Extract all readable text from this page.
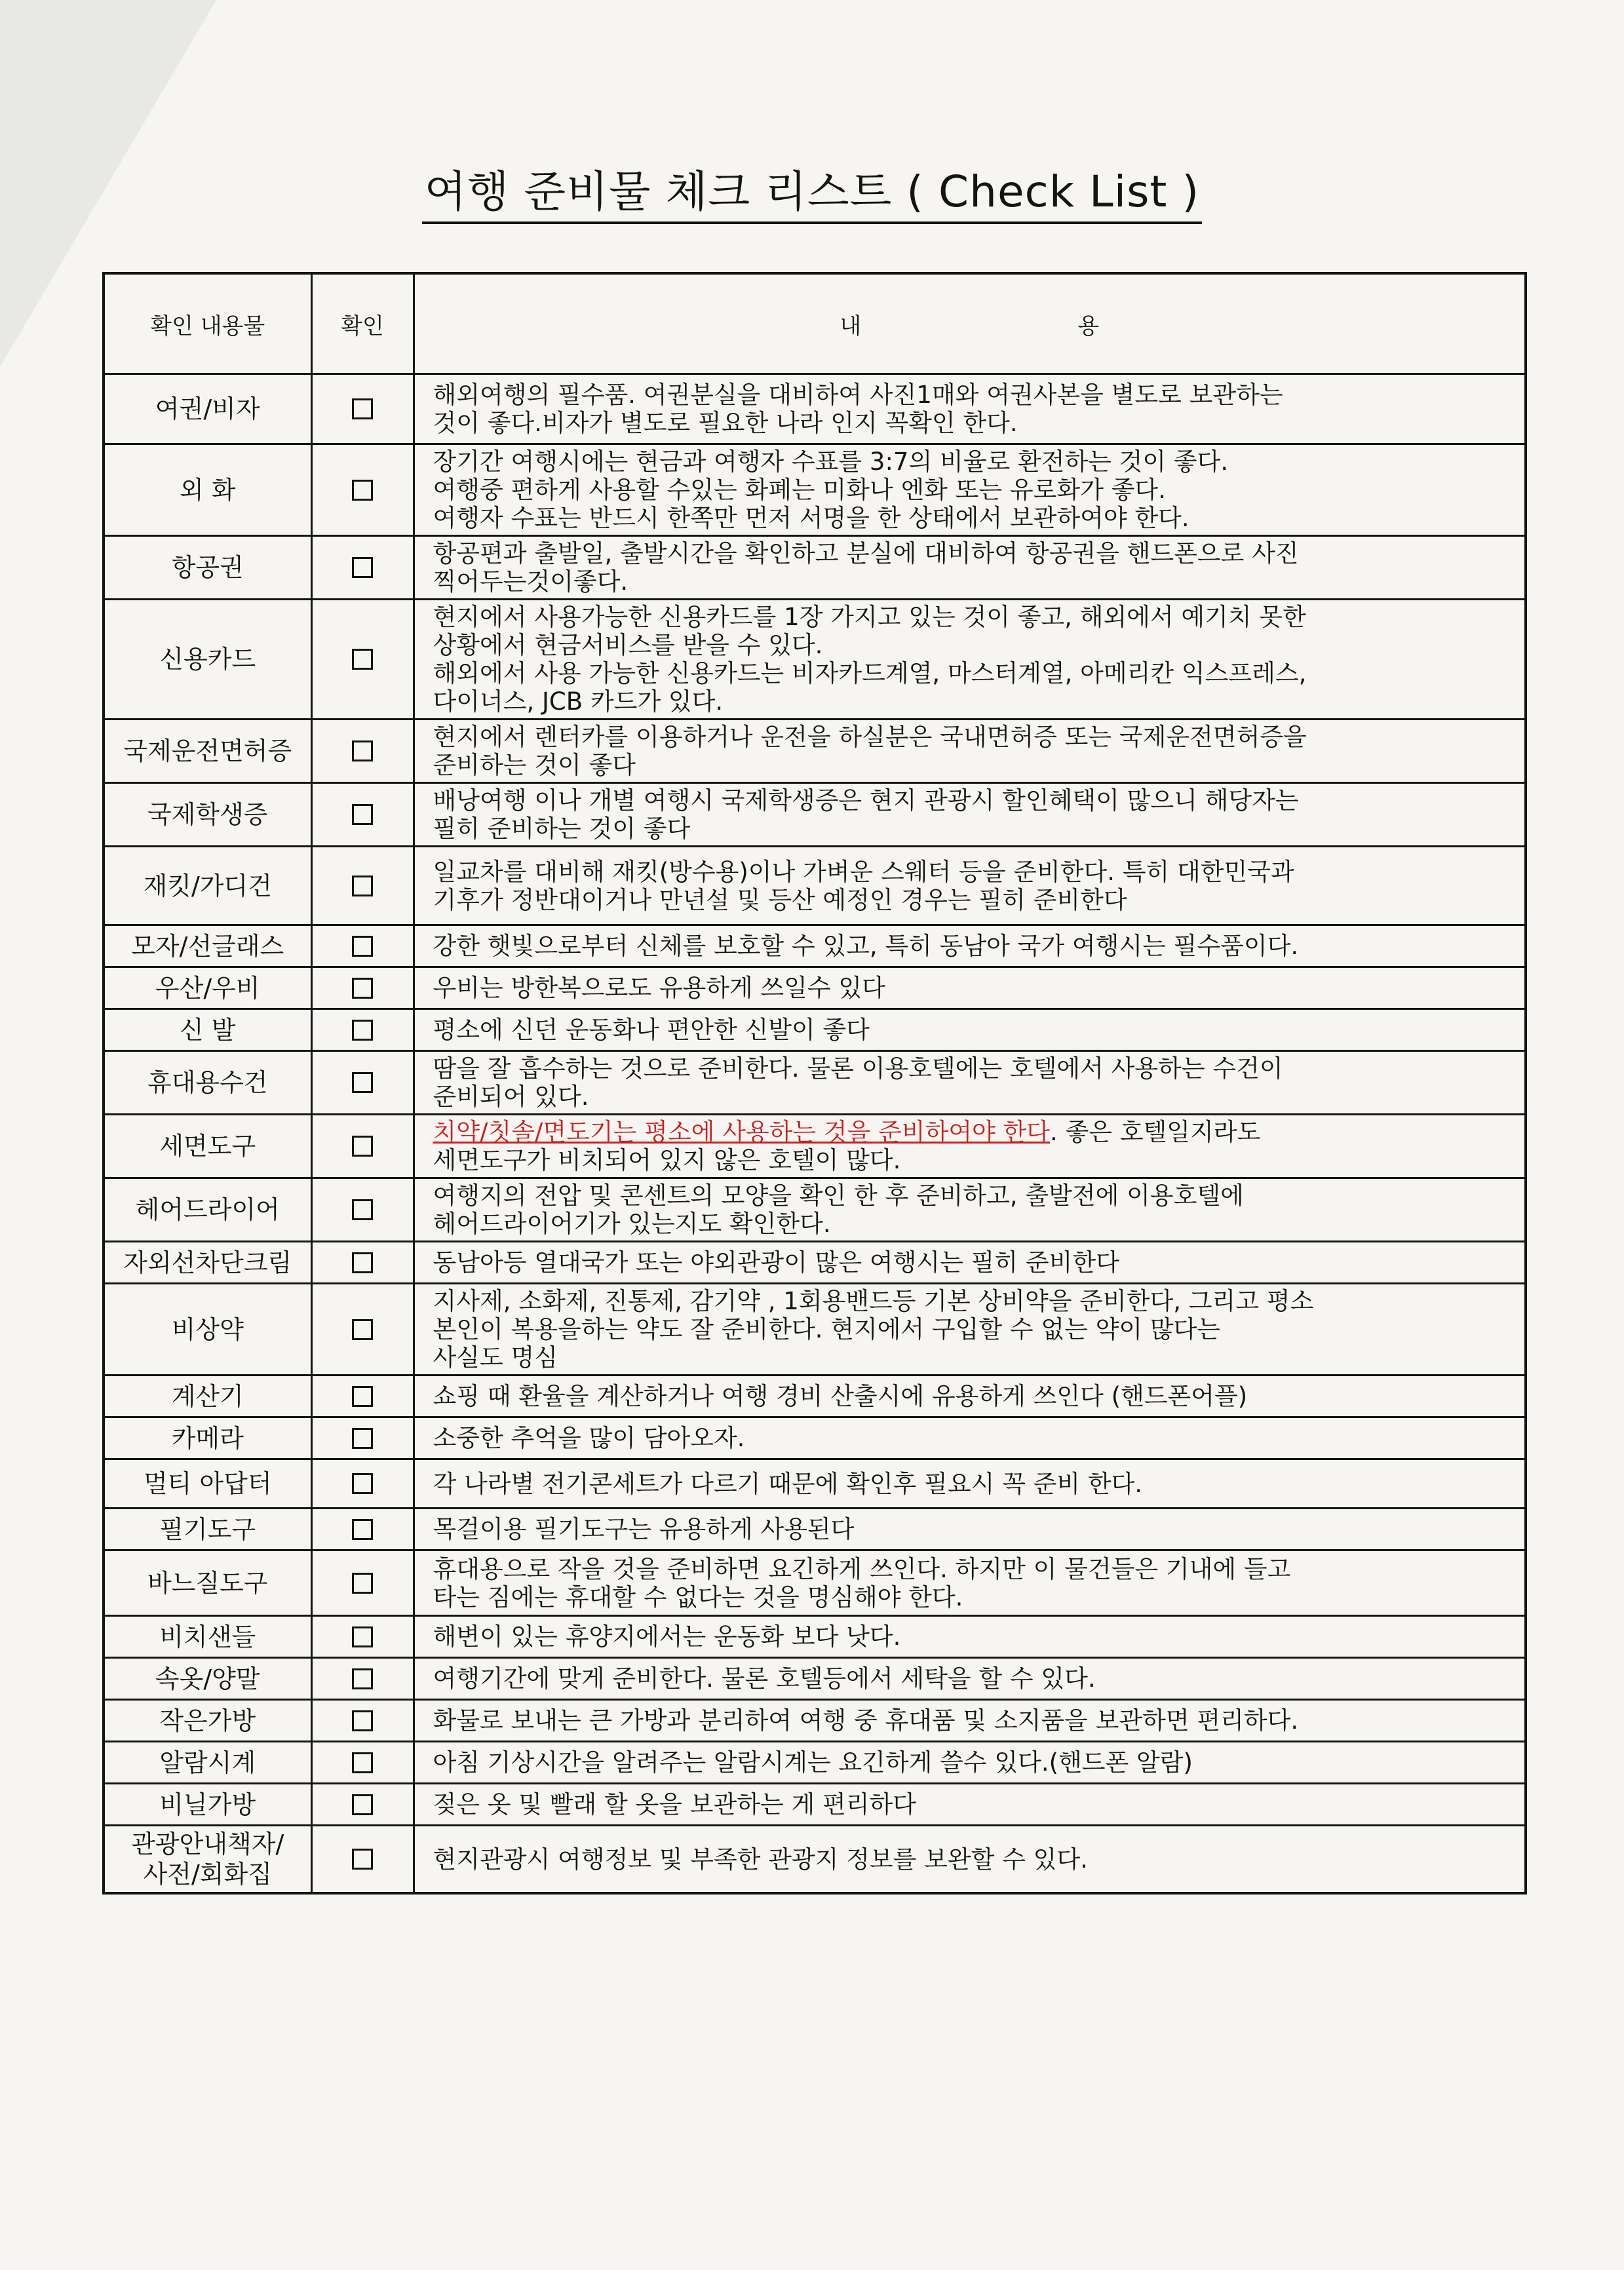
여행 준비물 체크 리스트 ( Check List )
확인 내용물	확인	내 용
여권/비자		해외여행의 필수품. 여권분실을 대비하여 사진1매와 여권사본을 별도로 보관하는
것이 좋다.비자가 별도로 필요한 나라 인지 꼭확인 한다.
외 화		장기간 여행시에는 현금과 여행자 수표를 3:7의 비율로 환전하는 것이 좋다.
여행중 편하게 사용할 수있는 화폐는 미화나 엔화 또는 유로화가 좋다.
여행자 수표는 반드시 한쪽만 먼저 서명을 한 상태에서 보관하여야 한다.
항공권		항공편과 출발일, 출발시간을 확인하고 분실에 대비하여 항공권을 핸드폰으로 사진
찍어두는것이좋다.
신용카드		현지에서 사용가능한 신용카드를 1장 가지고 있는 것이 좋고, 해외에서 예기치 못한
상황에서 현금서비스를 받을 수 있다.
해외에서 사용 가능한 신용카드는 비자카드계열, 마스터계열, 아메리칸 익스프레스,
다이너스, JCB 카드가 있다.
국제운전면허증		현지에서 렌터카를 이용하거나 운전을 하실분은 국내면허증 또는 국제운전면허증을
준비하는 것이 좋다
국제학생증		배낭여행 이나 개별 여행시 국제학생증은 현지 관광시 할인혜택이 많으니 해당자는
필히 준비하는 것이 좋다
재킷/가디건		일교차를 대비해 재킷(방수용)이나 가벼운 스웨터 등을 준비한다. 특히 대한민국과
기후가 정반대이거나 만년설 및 등산 예정인 경우는 필히 준비한다
모자/선글래스		강한 햇빛으로부터 신체를 보호할 수 있고, 특히 동남아 국가 여행시는 필수품이다.
우산/우비		우비는 방한복으로도 유용하게 쓰일수 있다
신 발		평소에 신던 운동화나 편안한 신발이 좋다
휴대용수건		땀을 잘 흡수하는 것으로 준비한다. 물론 이용호텔에는 호텔에서 사용하는 수건이
준비되어 있다.
세면도구		치약/칫솔/면도기는 평소에 사용하는 것을 준비하여야 한다. 좋은 호텔일지라도
세면도구가 비치되어 있지 않은 호텔이 많다.
헤어드라이어		여행지의 전압 및 콘센트의 모양을 확인 한 후 준비하고, 출발전에 이용호텔에
헤어드라이어기가 있는지도 확인한다.
자외선차단크림		동남아등 열대국가 또는 야외관광이 많은 여행시는 필히 준비한다
비상약		지사제, 소화제, 진통제, 감기약 , 1회용밴드등 기본 상비약을 준비한다, 그리고 평소
본인이 복용을하는 약도 잘 준비한다. 현지에서 구입할 수 없는 약이 많다는
사실도 명심
계산기		쇼핑 때 환율을 계산하거나 여행 경비 산출시에 유용하게 쓰인다 (핸드폰어플)
카메라		소중한 추억을 많이 담아오자.
멀티 아답터		각 나라별 전기콘세트가 다르기 때문에 확인후 필요시 꼭 준비 한다.
필기도구		목걸이용 필기도구는 유용하게 사용된다
바느질도구		휴대용으로 작을 것을 준비하면 요긴하게 쓰인다. 하지만 이 물건들은 기내에 들고
타는 짐에는 휴대할 수 없다는 것을 명심해야 한다.
비치샌들		해변이 있는 휴양지에서는 운동화 보다 낫다.
속옷/양말		여행기간에 맞게 준비한다. 물론 호텔등에서 세탁을 할 수 있다.
작은가방		화물로 보내는 큰 가방과 분리하여 여행 중 휴대품 및 소지품을 보관하면 편리하다.
알람시계		아침 기상시간을 알려주는 알람시계는 요긴하게 쓸수 있다.(핸드폰 알람)
비닐가방		젖은 옷 및 빨래 할 옷을 보관하는 게 편리하다
관광안내책자/
사전/회화집		현지관광시 여행정보 및 부족한 관광지 정보를 보완할 수 있다.
